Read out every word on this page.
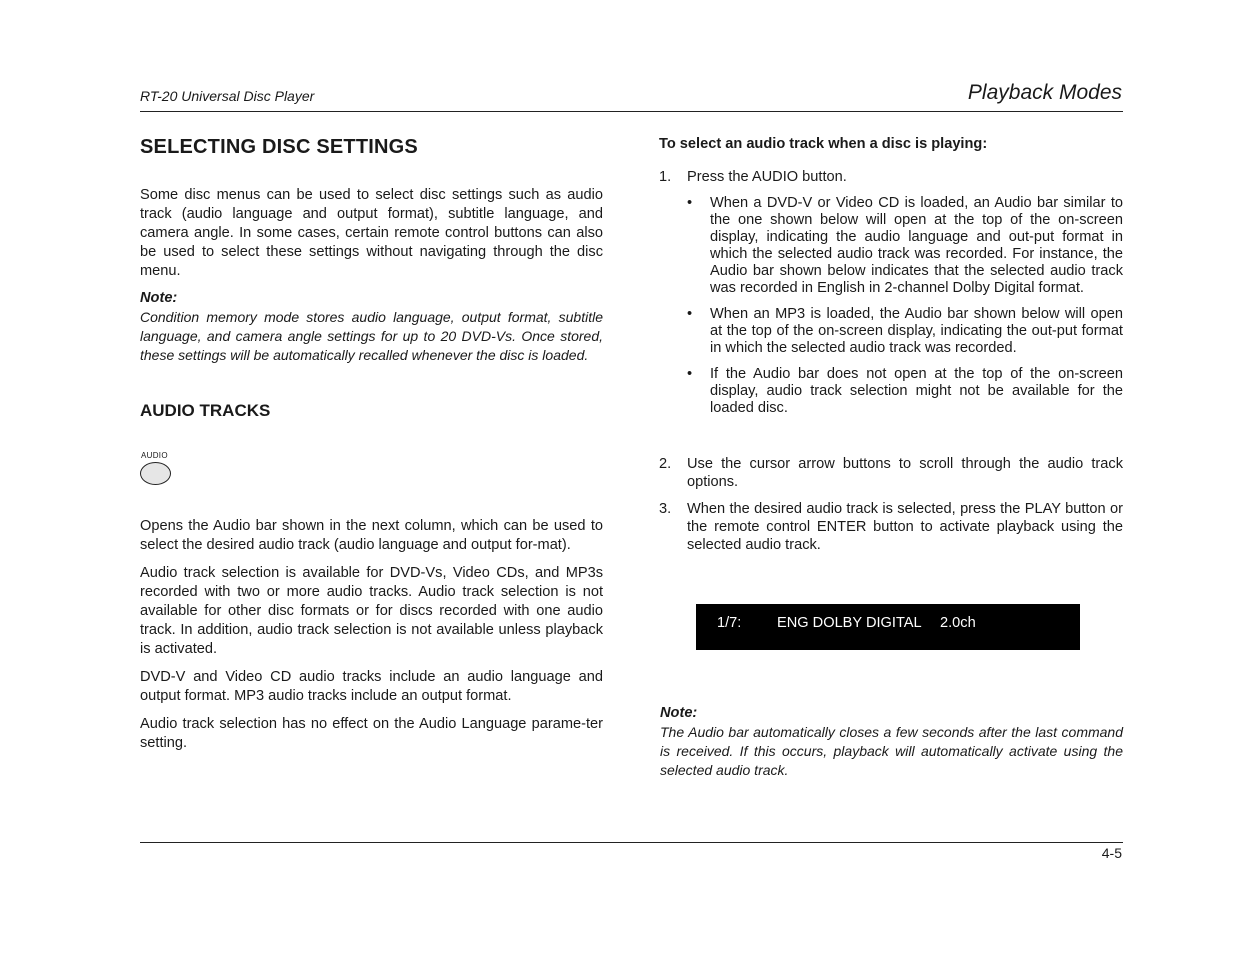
RT-20 Universal Disc Player	Playback Modes
SELECTING DISC SETTINGS

Some disc menus can be used to select disc settings such as audio track (audio language and output format), subtitle language, and camera angle. In some cases, certain remote control buttons can also be used to select these settings without navigating through the disc menu.

Note:
Condition memory mode stores audio language, output format, subtitle language, and camera angle settings for up to 20 DVD-Vs. Once stored, these settings will be automatically recalled whenever the disc is loaded.
AUDIO TRACKS
AUDIO

Opens the Audio bar shown in the next column, which can be used to select the desired audio track (audio language and output for-mat).

Audio track selection is available for DVD-Vs, Video CDs, and MP3s recorded with two or more audio tracks. Audio track selection is not available for other disc formats or for discs recorded with one audio track. In addition, audio track selection is not available unless playback is activated.

DVD-V and Video CD audio tracks include an audio language and output format. MP3 audio tracks include an output format.

Audio track selection has no effect on the Audio Language parame-ter setting.

To select an audio track when a disc is playing:
1.	Press the AUDIO button.
•	When a DVD-V or Video CD is loaded, an Audio bar similar to the one shown below will open at the top of the on-screen display, indicating the audio language and out-put format in which the selected audio track was recorded. For instance, the Audio bar shown below indicates that the selected audio track was recorded in English in 2-channel Dolby Digital format.
•	When an MP3 is loaded, the Audio bar shown below will open at the top of the on-screen display, indicating the out-put format in which the selected audio track was recorded.
•	If the Audio bar does not open at the top of the on-screen display, audio track selection might not be available for the loaded disc.
2.	Use the cursor arrow buttons to scroll through the audio track options.
3.	When the desired audio track is selected, press the PLAY button or the remote control ENTER button to activate playback using the selected audio track.
1/7: ENG DOLBY DIGITAL 2.0ch
Note:
The Audio bar automatically closes a few seconds after the last command is received. If this occurs, playback will automatically activate using the selected audio track.
4-5
